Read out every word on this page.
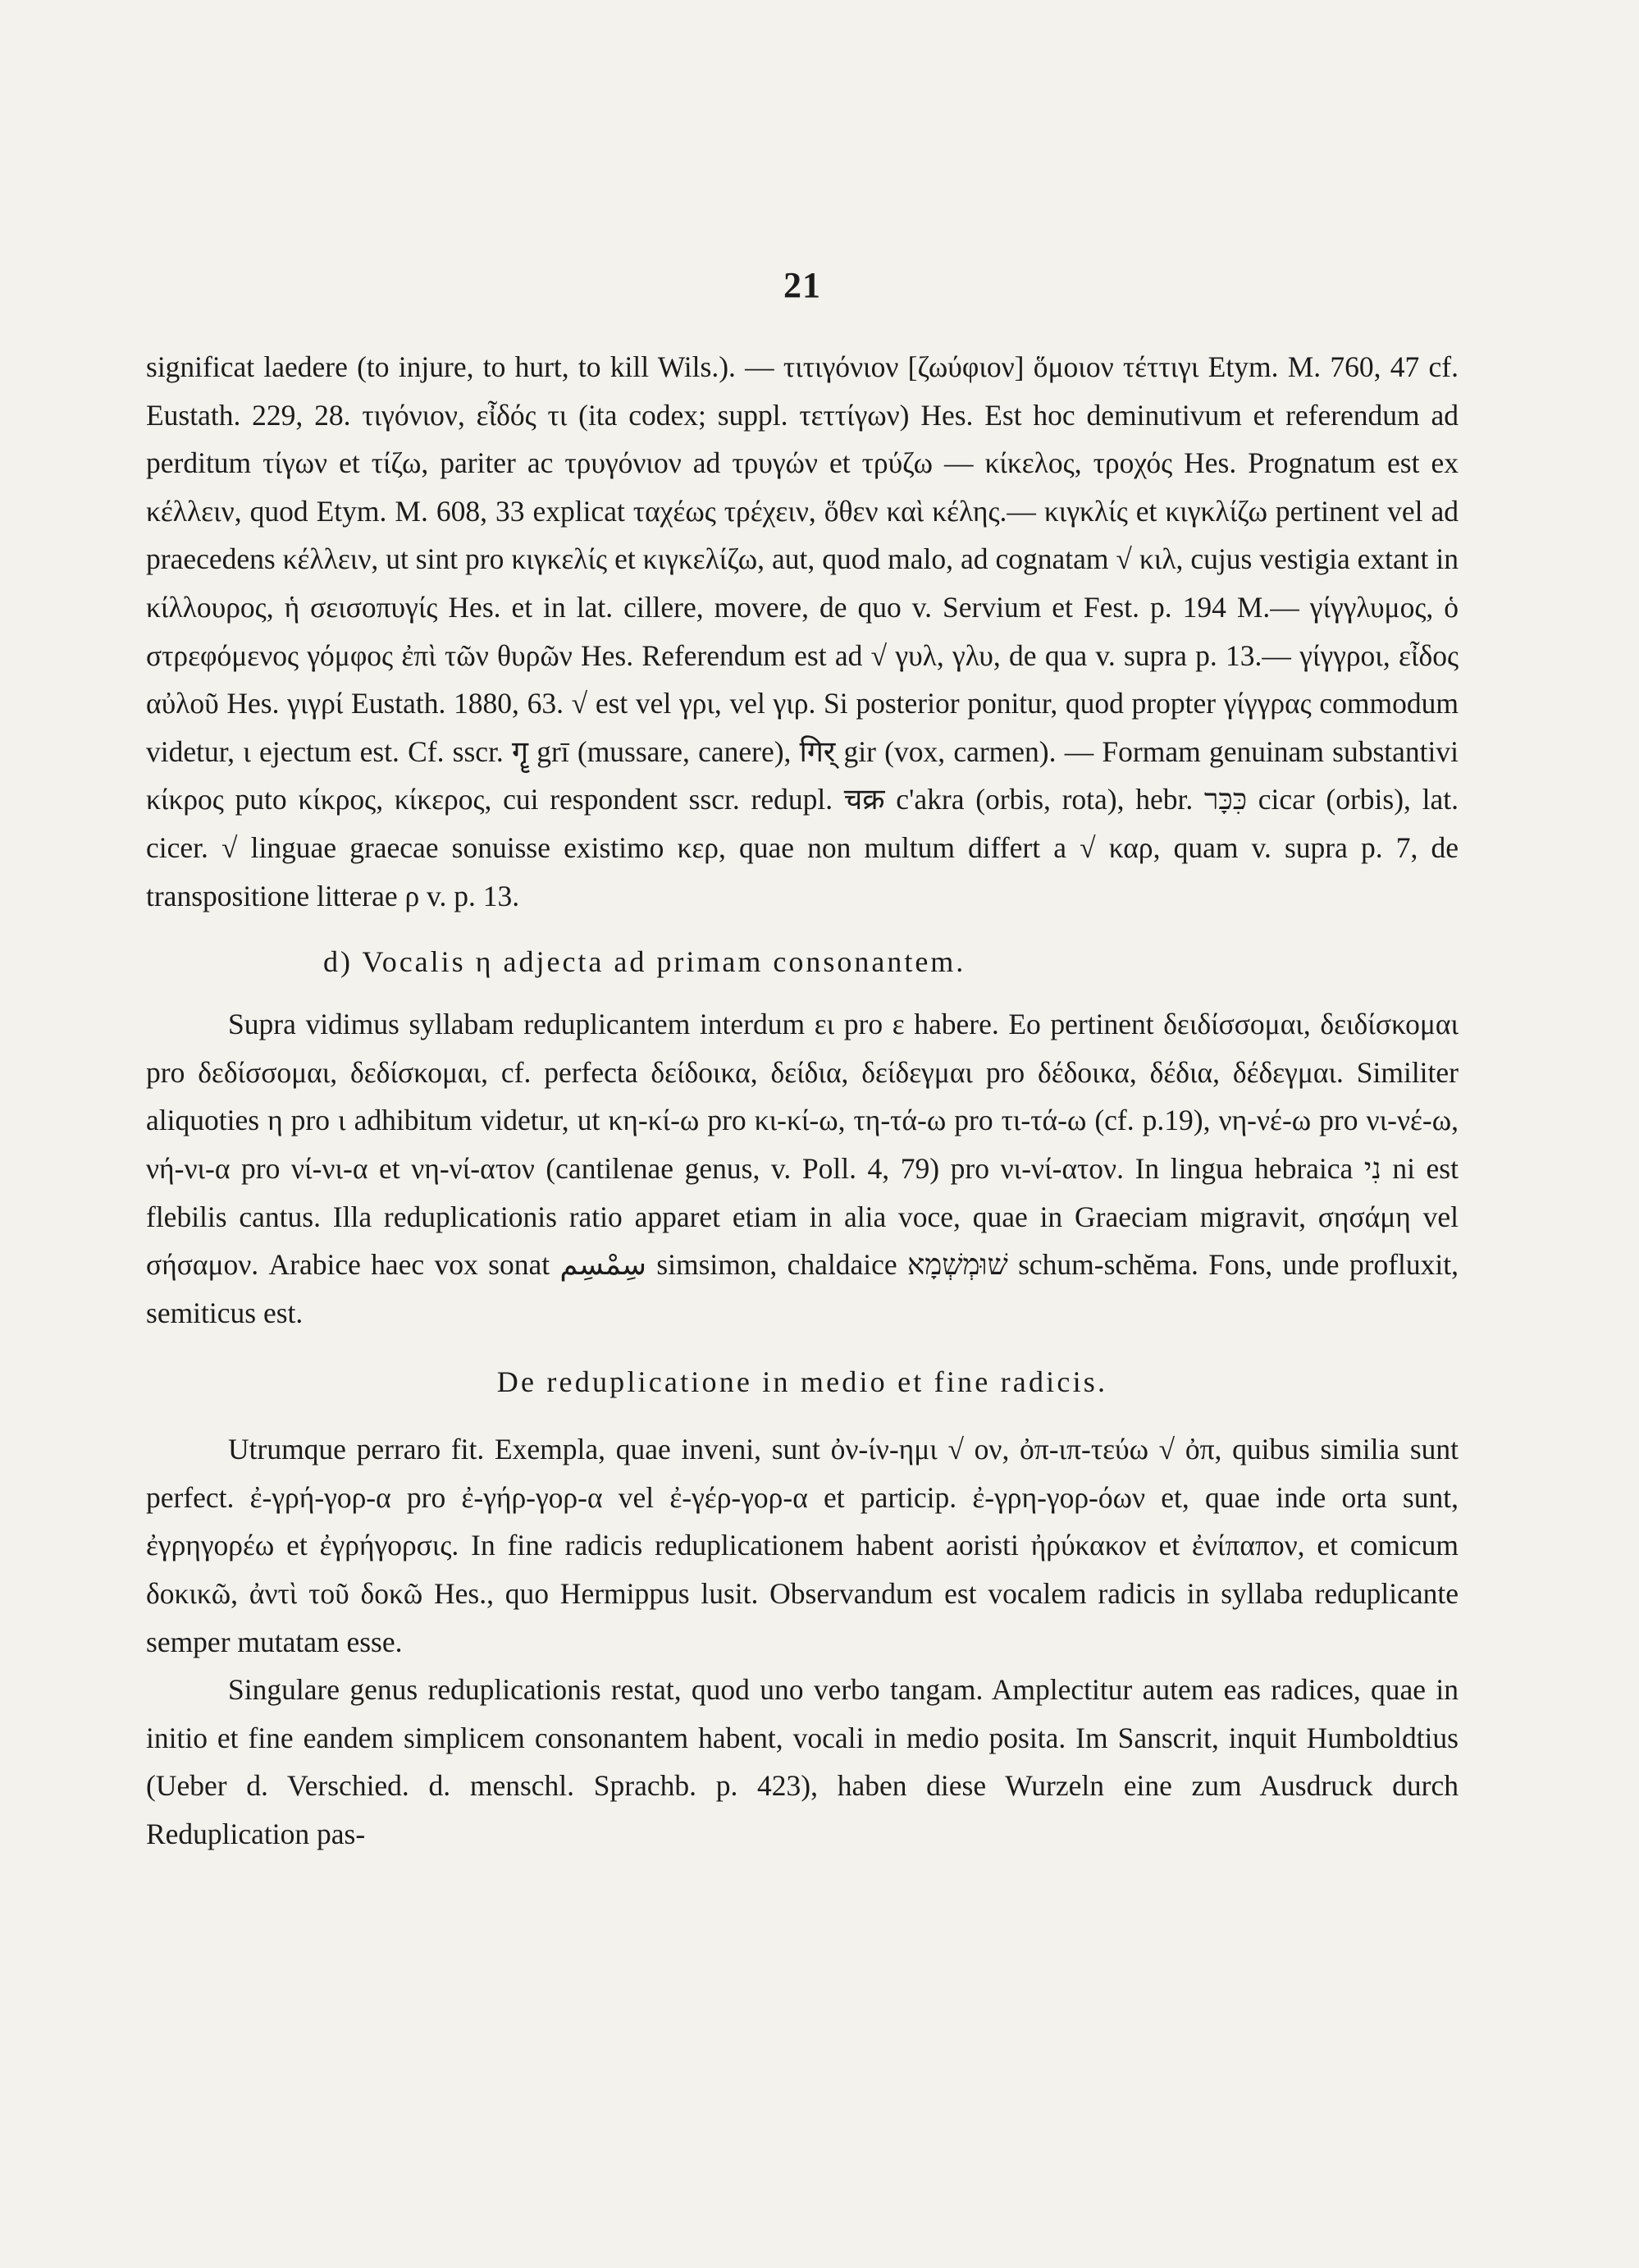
21

significat laedere (to injure, to hurt, to kill Wils.). — τιτιγόνιον [ζωύφιον] ὅμοιον τέττιγι Etym. M. 760, 47 cf. Eustath. 229, 28. τιγόνιον, εἶδός τι (ita codex; suppl. τεττίγων) Hes. Est hoc deminutivum et referendum ad perditum τίγων et τίζω, pariter ac τρυγόνιον ad τρυγών et τρύζω — κίκελος, τροχός Hes. Prognatum est ex κέλλειν, quod Etym. M. 608, 33 explicat ταχέως τρέχειν, ὅθεν καὶ κέλης.— κιγκλίς et κιγκλίζω pertinent vel ad praecedens κέλλειν, ut sint pro κιγκελίς et κιγκελίζω, aut, quod malo, ad cognatam √ κιλ, cujus vestigia extant in κίλλουρος, ἡ σεισοπυγίς Hes. et in lat. cillere, movere, de quo v. Servium et Fest. p. 194 M.— γίγγλυμος, ὁ στρεφόμενος γόμφος ἐπὶ τῶν θυρῶν Hes. Referendum est ad √ γυλ, γλυ, de qua v. supra p. 13.— γίγγροι, εἶδος αὐλοῦ Hes. γιγρί Eustath. 1880, 63. √ est vel γρι, vel γιρ. Si posterior ponitur, quod propter γίγγρας commodum videtur, ι ejectum est. Cf. sscr. गॄ grī (mussare, canere), गिर् gir (vox, carmen). — Formam genuinam substantivi κίκρος puto κίκρος, κίκερος, cui respondent sscr. redupl. चक्र c'akra (orbis, rota), hebr. כִּכָּר cicar (orbis), lat. cicer. √ linguae graecae sonuisse existimo κερ, quae non multum differt a √ καρ, quam v. supra p. 7, de transpositione litterae ρ v. p. 13.

d) Vocalis η adjecta ad primam consonantem.

Supra vidimus syllabam reduplicantem interdum ει pro ε habere. Eo pertinent δειδίσσομαι, δειδίσκομαι pro δεδίσσομαι, δεδίσκομαι, cf. perfecta δείδοικα, δείδια, δείδεγμαι pro δέδοικα, δέδια, δέδεγμαι. Similiter aliquoties η pro ι adhibitum videtur, ut κη-κί-ω pro κι-κί-ω, τη-τά-ω pro τι-τά-ω (cf. p.19), νη-νέ-ω pro νι-νέ-ω, νή-νι-α pro νί-νι-α et νη-νί-ατον (cantilenae genus, v. Poll. 4, 79) pro νι-νί-ατον. In lingua hebraica נִי ni est flebilis cantus. Illa reduplicationis ratio apparet etiam in alia voce, quae in Graeciam migravit, σησάμη vel σήσαμον. Arabice haec vox sonat سِمْسِم simsimon, chaldaice שׁוּמְשְׁמָא schum-schĕma. Fons, unde profluxit, semiticus est.

De reduplicatione in medio et fine radicis.

Utrumque perraro fit. Exempla, quae inveni, sunt ὀν-ίν-ημι √ ον, ὀπ-ιπ-τεύω √ ὀπ, quibus similia sunt perfect. ἐ-γρή-γορ-α pro ἐ-γήρ-γορ-α vel ἐ-γέρ-γορ-α et particip. ἐ-γρη-γορ-όων et, quae inde orta sunt, ἐγρηγορέω et ἐγρήγορσις. In fine radicis reduplicationem habent aoristi ἠρύκακον et ἐνίπαπον, et comicum δοκικῶ, ἀντὶ τοῦ δοκῶ Hes., quo Hermippus lusit. Observandum est vocalem radicis in syllaba reduplicante semper mutatam esse.

Singulare genus reduplicationis restat, quod uno verbo tangam. Amplectitur autem eas radices, quae in initio et fine eandem simplicem consonantem habent, vocali in medio posita. Im Sanscrit, inquit Humboldtius (Ueber d. Verschied. d. menschl. Sprachb. p. 423), haben diese Wurzeln eine zum Ausdruck durch Reduplication pas-
